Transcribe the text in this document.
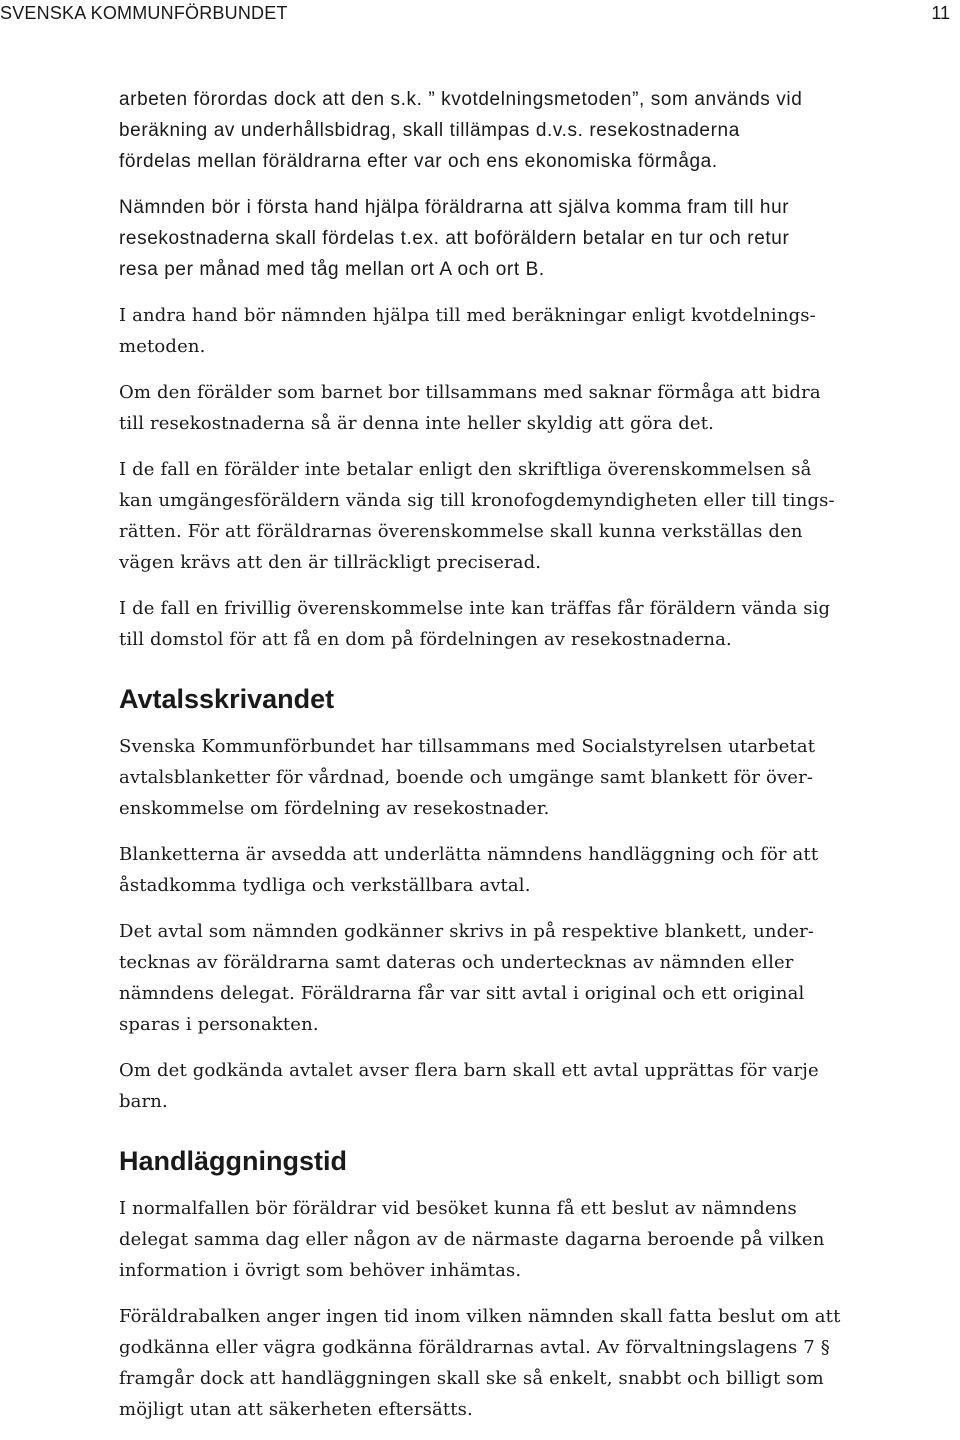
SVENSKA KOMMUNFÖRBUNDET	11

arbeten förordas dock att den s.k. ” kvotdelningsmetoden”, som används vid
beräkning av underhållsbidrag, skall tillämpas d.v.s. resekostnaderna
fördelas mellan föräldrarna efter var och ens ekonomiska förmåga.

Nämnden bör i första hand hjälpa föräldrarna att själva komma fram till hur
resekostnaderna skall fördelas t.ex. att boföräldern betalar en tur och retur
resa per månad med tåg mellan ort A och ort B.

I andra hand bör nämnden hjälpa till med beräkningar enligt kvotdelnings-
metoden.

Om den förälder som barnet bor tillsammans med saknar förmåga att bidra
till resekostnaderna så är denna inte heller skyldig att göra det.

I de fall en förälder inte betalar enligt den skriftliga överenskommelsen så
kan umgängesföräldern vända sig till kronofogdemyndigheten eller till tings-
rätten. För att föräldrarnas överenskommelse skall kunna verkställas den
vägen krävs att den är tillräckligt preciserad.

I de fall en frivillig överenskommelse inte kan träffas får föräldern vända sig
till domstol för att få en dom på fördelningen av resekostnaderna.

Avtalsskrivandet

Svenska Kommunförbundet har tillsammans med Socialstyrelsen utarbetat
avtalsblanketter för vårdnad, boende och umgänge samt blankett för över-
enskommelse om fördelning av resekostnader.

Blanketterna är avsedda att underlätta nämndens handläggning och för att
åstadkomma tydliga och verkställbara avtal.

Det avtal som nämnden godkänner skrivs in på respektive blankett, under-
tecknas av föräldrarna samt dateras och undertecknas av nämnden eller
nämndens delegat. Föräldrarna får var sitt avtal i original och ett original
sparas i personakten.

Om det godkända avtalet avser flera barn skall ett avtal upprättas för varje
barn.

Handläggningstid

I normalfallen bör föräldrar vid besöket kunna få ett beslut av nämndens
delegat samma dag eller någon av de närmaste dagarna beroende på vilken
information i övrigt som behöver inhämtas.

Föräldrabalken anger ingen tid inom vilken nämnden skall fatta beslut om att
godkänna eller vägra godkänna föräldrarnas avtal. Av förvaltningslagens 7 §
framgår dock att handläggningen skall ske så enkelt, snabbt och billigt som
möjligt utan att säkerheten eftersätts.
